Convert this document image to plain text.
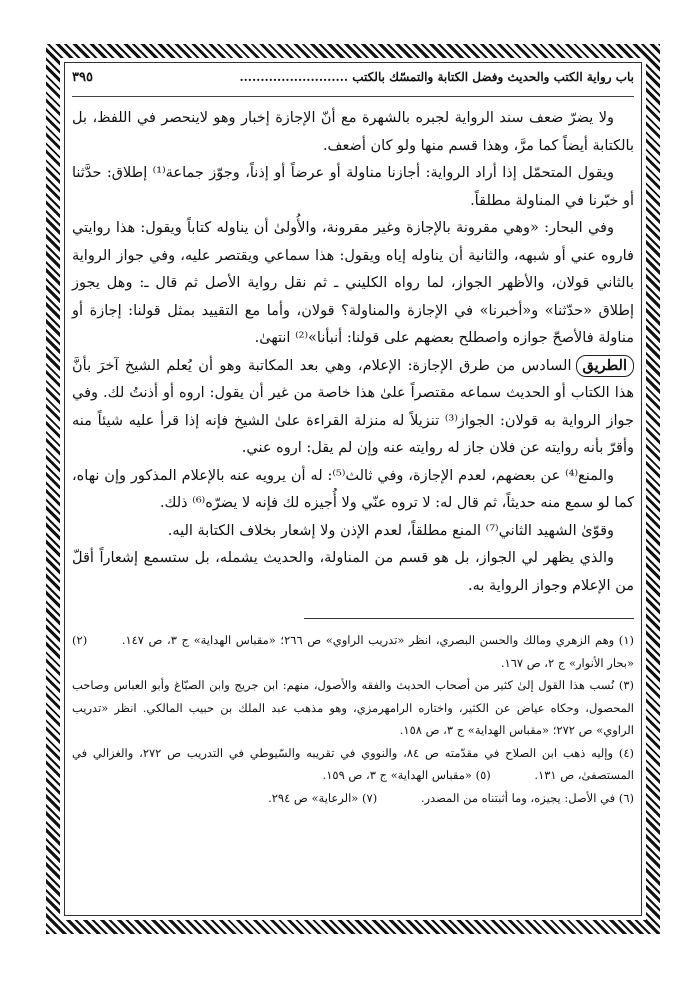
باب رواية الكتب والحديث وفضل الكتابة والتمسّك بالكتب ..........................
٣٩٥

ولا يضرّ ضعف سند الرواية لجبره بالشهرة مع أنّ الإجازة إخبار وهو لاينحصر في اللفظ، بل بالكتابة أيضاً كما مرَّ، وهذا قسم منها ولو كان أضعف.

ويقول المتحمّل إذا أراد الرواية: أجازنا مناولة أو عرضاً أو إذناً، وجوّز جماعة⁽¹⁾ إطلاق: حدَّثنا أو خبّرنا في المناولة مطلقاً.

وفي البحار: «وهي مقرونة بالإجازة وغير مقرونة، والأُولىٰ أن يناوله كتاباً ويقول: هذا روايتي فاروه عني أو شبهه، والثانية أن يناوله إياه ويقول: هذا سماعي ويقتصر عليه، وفي جواز الرواية بالثاني قولان، والأظهر الجواز، لما رواه الكليني ـ ثم نقل رواية الأصل ثم قال ـ: وهل يجوز إطلاق «حدّثنا» و«أخبرنا» في الإجازة والمناولة؟ قولان، وأما مع التقييد بمثل قولنا: إجازة أو مناولة فالأصحّ جوازه واصطلح بعضهم على قولنا: أنبأنا»⁽²⁾ انتهىٰ.

الطريقالسادس من طرق الإجازة: الإعلام، وهي بعد المكاتبة وهو أن يُعلم الشيخ آخرَ بأنَّ هذا الكتاب أو الحديث سماعه مقتصراً علىٰ هذا خاصة من غير أن يقول: اروه أو أذنتُ لك. وفي جواز الرواية به قولان: الجواز⁽³⁾ تنزيلاً له منزلة القراءة علىٰ الشيخ فإنه إذا قرأ عليه شيئاً منه وأقرّ بأنه روايته عن فلان جاز له روايته عنه وإن لم يقل: اروه عني.

والمنع⁽⁴⁾ عن بعضهم، لعدم الإجازة، وفي ثالث⁽⁵⁾: له أن يرويه عنه بالإعلام المذكور وإن نهاه، كما لو سمع منه حديثاً، ثم قال له: لا تروه عنّي ولا أُجيزه لك فإنه لا يضرّه⁽⁶⁾ ذلك.

وقوّىٰ الشهيد الثاني⁽⁷⁾ المنع مطلقاً، لعدم الإذن ولا إشعار بخلاف الكتابة اليه.

والذي يظهر لي الجواز، بل هو قسم من المناولة، والحديث يشمله، بل ستسمع إشعاراً أقلّ من الإعلام وجواز الرواية به.

(١) وهم الزهري ومالك والحسن البصري، انظر «تدريب الراوي» ص ٢٦٦؛ «مقباس الهداية» ج ٣، ص ١٤٧. (٢) «بحار الأنوار» ج ٢، ص ١٦٧.

(٣) نُسب هذا القول إلىٰ كثير من أصحاب الحديث والفقه والأصول، منهم: ابن جريج وابن الصبّاغ وأبو العباس وصاحب المحصول، وحكاه عياض عن الكثير، واختاره الرامهرمزي، وهو مذهب عبد الملك بن حبيب المالكي. انظر «تدريب الراوي» ص ٢٧٢؛ «مقباس الهداية» ج ٣، ص ١٥٨.

(٤) وإليه ذهب ابن الصلاح في مقدّمته ص ٨٤، والنووي في تقريبه والسّيوطي في التدريب ص ٢٧٢، والغزالي في المستصفىٰ، ص ١٣١. (٥) «مقباس الهداية» ج ٣، ص ١٥٩.

(٦) في الأصل: يجيزه، وما أثبتناه من المصدر. (٧) «الرعاية» ص ٢٩٤.
